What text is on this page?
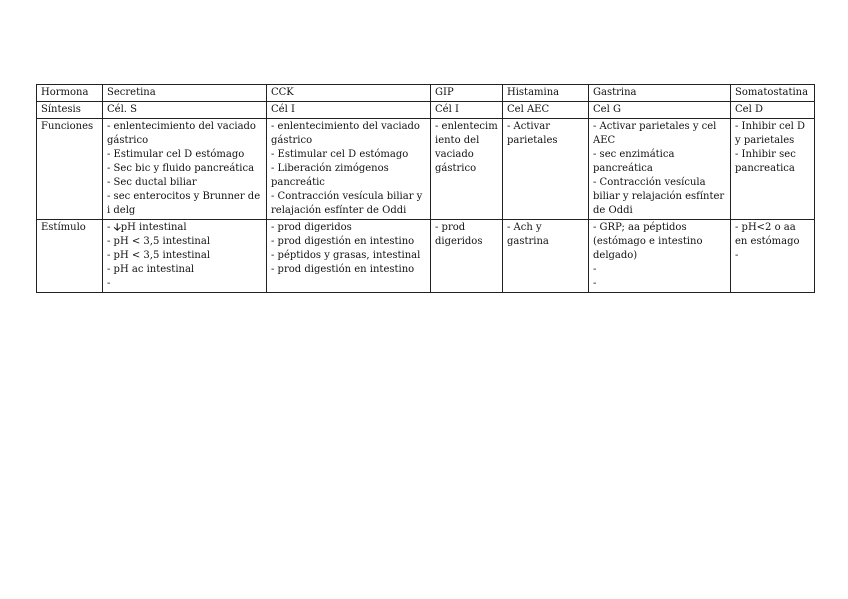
Hormona	Secretina	CCK	GIP	Histamina	Gastrina	Somatostatina
Síntesis	Cél. S	Cél I	Cél I	Cel AEC	Cel G	Cel D
Funciones	- enlentecimiento del vaciado gástrico
- Estimular cel D estómago
- Sec bic y fluido pancreática
- Sec ductal biliar
- sec enterocitos y Brunner de i delg	- enlentecimiento del vaciado gástrico
- Estimular cel D estómago
- Liberación zimógenos pancreátic
- Contracción vesícula biliar y relajación esfínter de Oddi	- enlentecim iento del vaciado gástrico	- Activar parietales	- Activar parietales y cel AEC
- sec enzimática pancreática
- Contracción vesícula biliar y relajación esfínter de Oddi	- Inhibir cel D y parietales
- Inhibir sec pancreatica

Estímulo	- 🡣pH intestinal
- pH < 3,5 intestinal
- pH < 3,5 intestinal
- pH ac intestinal
-	- prod digeridos
- prod digestión en intestino
- péptidos y grasas, intestinal
- prod digestión en intestino	- prod digeridos	- Ach y gastrina	- GRP; aa péptidos (estómago e intestino delgado)
-
-	- pH<2 o aa en estómago
-
